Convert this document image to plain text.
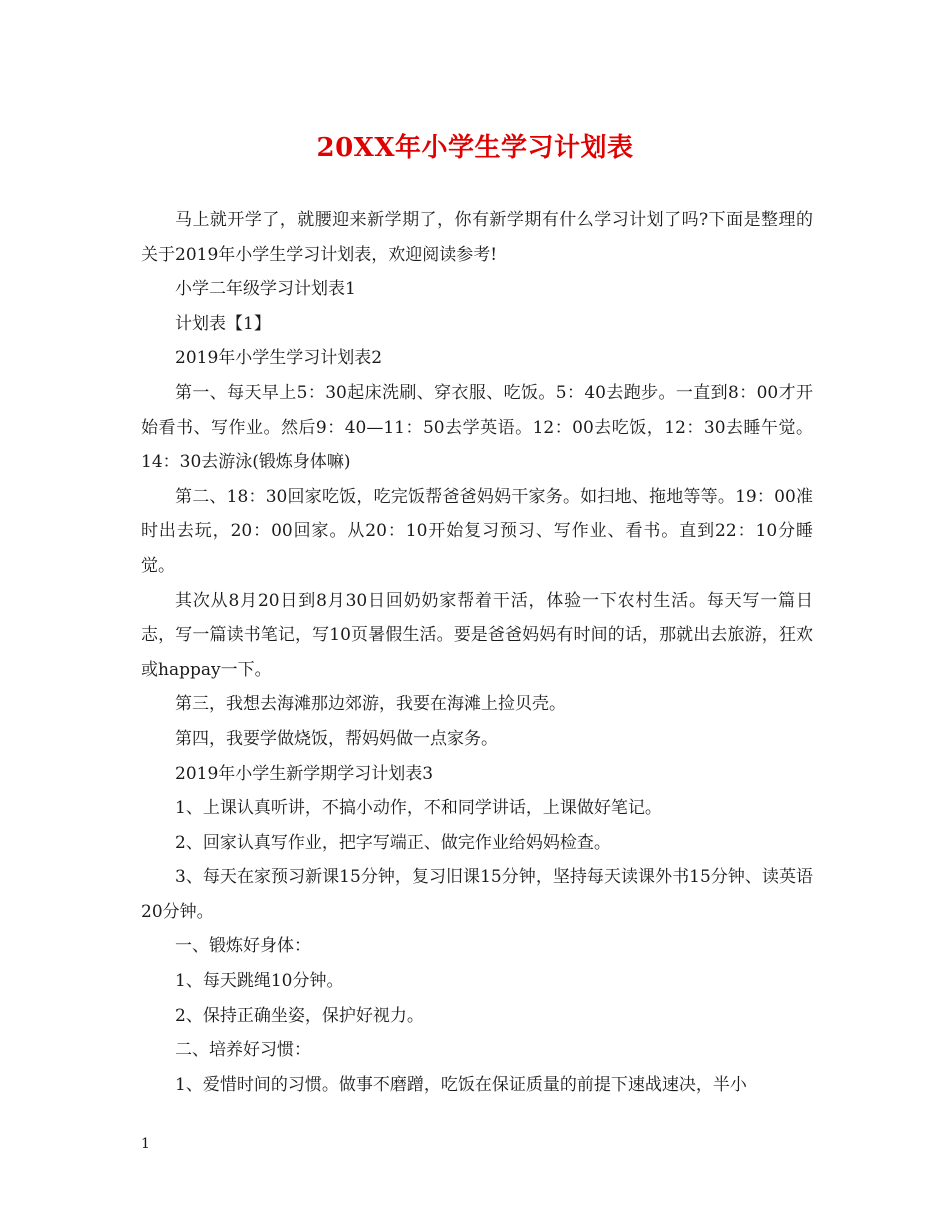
20XX年小学生学习计划表

马上就开学了，就腰迎来新学期了，你有新学期有什么学习计划了吗?下面是整理的关于2019年小学生学习计划表，欢迎阅读参考!

小学二年级学习计划表1

计划表【1】

2019年小学生学习计划表2

第一、每天早上5：30起床洗刷、穿衣服、吃饭。5：40去跑步。一直到8：00才开始看书、写作业。然后9：40—11：50去学英语。12：00去吃饭，12：30去睡午觉。14：30去游泳(锻炼身体嘛)

第二、18：30回家吃饭，吃完饭帮爸爸妈妈干家务。如扫地、拖地等等。19：00准时出去玩，20：00回家。从20：10开始复习预习、写作业、看书。直到22：10分睡觉。

其次从8月20日到8月30日回奶奶家帮着干活，体验一下农村生活。每天写一篇日志，写一篇读书笔记，写10页暑假生活。要是爸爸妈妈有时间的话，那就出去旅游，狂欢或happay一下。

第三，我想去海滩那边郊游，我要在海滩上捡贝壳。

第四，我要学做烧饭，帮妈妈做一点家务。

2019年小学生新学期学习计划表3

1、上课认真听讲，不搞小动作，不和同学讲话，上课做好笔记。

2、回家认真写作业，把字写端正、做完作业给妈妈检查。

3、每天在家预习新课15分钟，复习旧课15分钟，坚持每天读课外书15分钟、读英语20分钟。

一、锻炼好身体：

1、每天跳绳10分钟。

2、保持正确坐姿，保护好视力。

二、培养好习惯：

1、爱惜时间的习惯。做事不磨蹭，吃饭在保证质量的前提下速战速决，半小

1
